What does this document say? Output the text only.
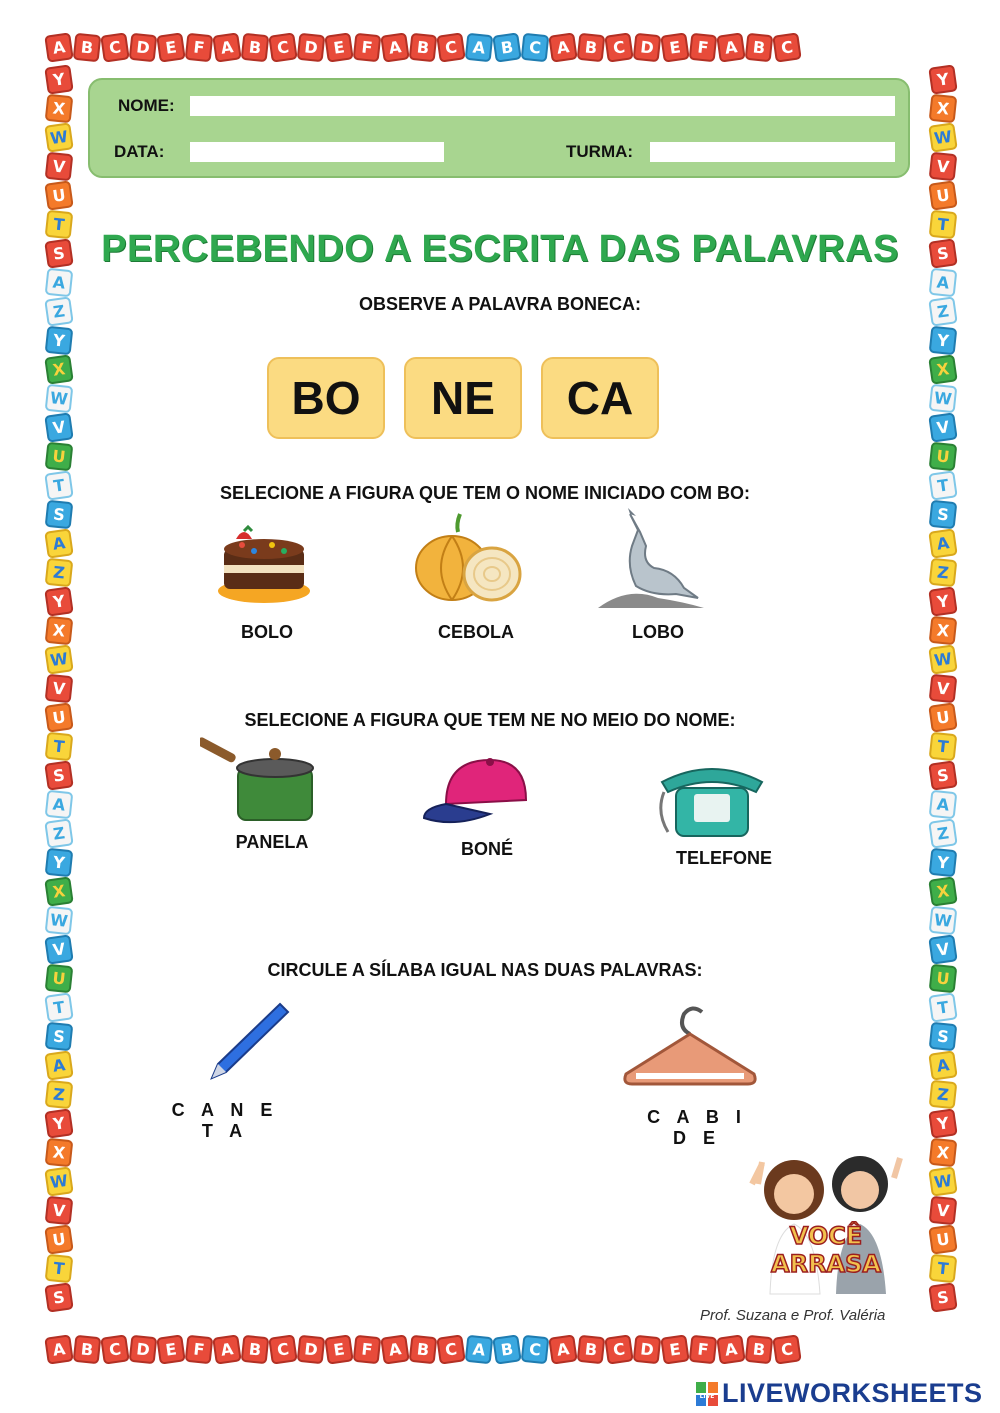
A B C D E F A B C D E F A B C A B C A B C D E F A B C
Y
X
W
V
U
T
S
A
Z
Y
X
W
V
U
T
S
A
Z
Y
X
W
V
U
T
S
A
Z
Y
X
W
V
U
T
S
A
Z
Y
X
W
V
U
T
S
Y
X
W
V
U
T
S
A
Z
Y
X
W
V
U
T
S
A
Z
Y
X
W
V
U
T
S
A
Z
Y
X
W
V
U
T
S
A
Z
Y
X
W
V
U
T
S
A B C D E F A B C D E F A B C A B C A B C D E F A B C
NOME:
DATA:	TURMA:
PERCEBENDO A ESCRITA DAS PALAVRAS
OBSERVE A PALAVRA BONECA:
BO	NE	CA
SELECIONE A FIGURA QUE TEM O NOME INICIADO COM BO:
BOLO	CEBOLA	LOBO
SELECIONE A FIGURA QUE TEM NE NO MEIO DO NOME:
PANELA	BONÉ	TELEFONE
CIRCULE A SÍLABA IGUAL NAS DUAS PALAVRAS:
C A N E T A
C A B I D E
VOCÊ
ARRASA
Prof. Suzana e Prof. Valéria
LIVE LIVEWORKSHEETS
